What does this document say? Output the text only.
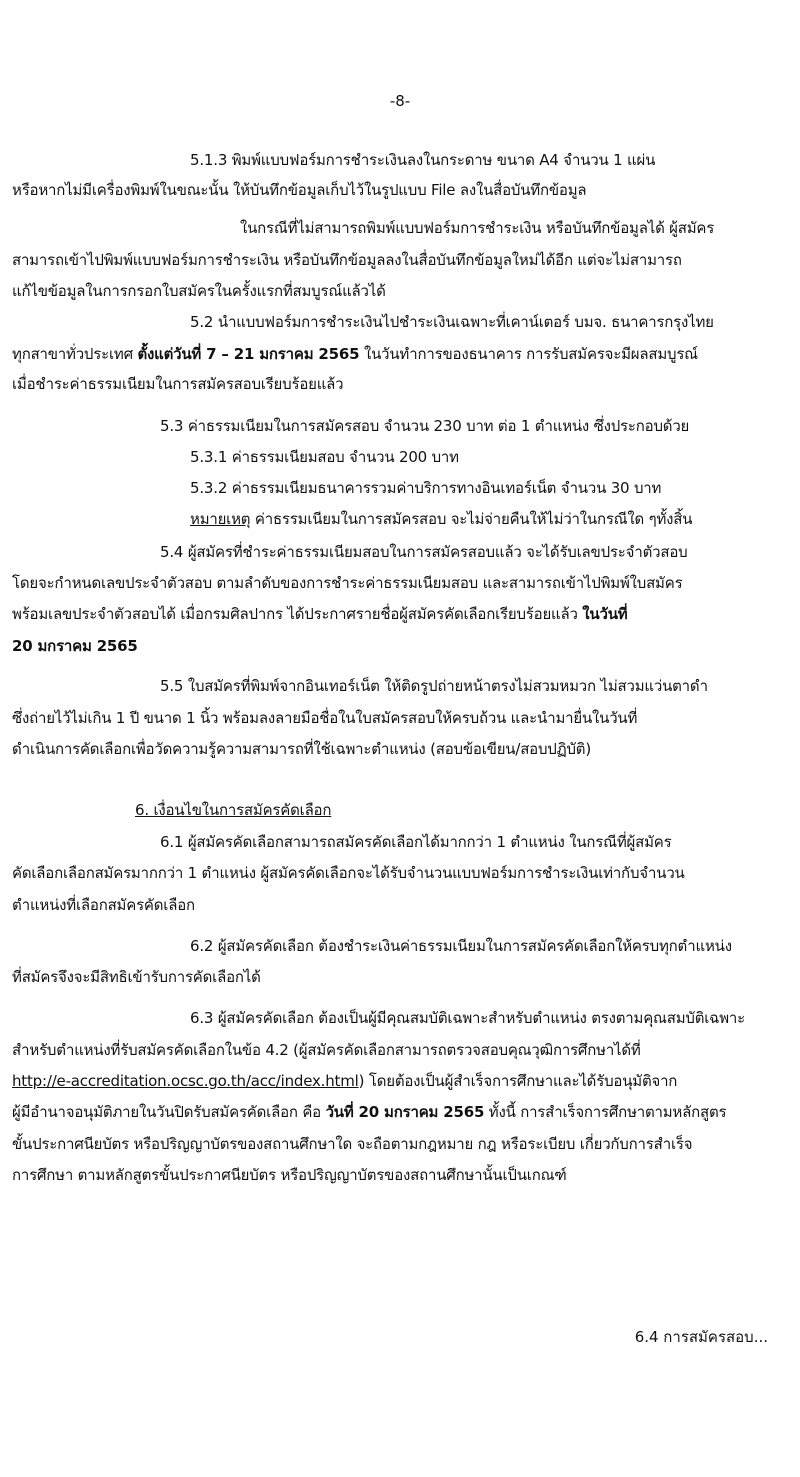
-8-
5.1.3 พิมพ์แบบฟอร์มการชำระเงินลงในกระดาษ ขนาด A4 จำนวน 1 แผ่น
หรือหากไม่มีเครื่องพิมพ์ในขณะนั้น ให้บันทึกข้อมูลเก็บไว้ในรูปแบบ File ลงในสื่อบันทึกข้อมูล
ในกรณีที่ไม่สามารถพิมพ์แบบฟอร์มการชำระเงิน หรือบันทึกข้อมูลได้ ผู้สมัคร
สามารถเข้าไปพิมพ์แบบฟอร์มการชำระเงิน หรือบันทึกข้อมูลลงในสื่อบันทึกข้อมูลใหม่ได้อีก แต่จะไม่สามารถ
แก้ไขข้อมูลในการกรอกใบสมัครในครั้งแรกที่สมบูรณ์แล้วได้
5.2 นำแบบฟอร์มการชำระเงินไปชำระเงินเฉพาะที่เคาน์เตอร์ บมจ. ธนาคารกรุงไทย
ทุกสาขาทั่วประเทศ ตั้งแต่วันที่ 7 – 21 มกราคม 2565 ในวันทำการของธนาคาร การรับสมัครจะมีผลสมบูรณ์
เมื่อชำระค่าธรรมเนียมในการสมัครสอบเรียบร้อยแล้ว
5.3 ค่าธรรมเนียมในการสมัครสอบ จำนวน 230 บาท ต่อ 1 ตำแหน่ง ซึ่งประกอบด้วย
5.3.1 ค่าธรรมเนียมสอบ จำนวน 200 บาท
5.3.2 ค่าธรรมเนียมธนาคารรวมค่าบริการทางอินเทอร์เน็ต จำนวน 30 บาท
หมายเหตุ ค่าธรรมเนียมในการสมัครสอบ จะไม่จ่ายคืนให้ไม่ว่าในกรณีใด ๆทั้งสิ้น
5.4 ผู้สมัครที่ชำระค่าธรรมเนียมสอบในการสมัครสอบแล้ว จะได้รับเลขประจำตัวสอบ
โดยจะกำหนดเลขประจำตัวสอบ ตามลำดับของการชำระค่าธรรมเนียมสอบ และสามารถเข้าไปพิมพ์ใบสมัคร
พร้อมเลขประจำตัวสอบได้ เมื่อกรมศิลปากร ได้ประกาศรายชื่อผู้สมัครคัดเลือกเรียบร้อยแล้ว ในวันที่
20 มกราคม 2565
5.5 ใบสมัครที่พิมพ์จากอินเทอร์เน็ต ให้ติดรูปถ่ายหน้าตรงไม่สวมหมวก ไม่สวมแว่นตาดำ
ซึ่งถ่ายไว้ไม่เกิน 1 ปี ขนาด 1 นิ้ว พร้อมลงลายมือชื่อในใบสมัครสอบให้ครบถ้วน และนำมายื่นในวันที่
ดำเนินการคัดเลือกเพื่อวัดความรู้ความสามารถที่ใช้เฉพาะตำแหน่ง (สอบข้อเขียน/สอบปฏิบัติ)
6. เงื่อนไขในการสมัครคัดเลือก
6.1 ผู้สมัครคัดเลือกสามารถสมัครคัดเลือกได้มากกว่า 1 ตำแหน่ง ในกรณีที่ผู้สมัคร
คัดเลือกเลือกสมัครมากกว่า 1 ตำแหน่ง ผู้สมัครคัดเลือกจะได้รับจำนวนแบบฟอร์มการชำระเงินเท่ากับจำนวน
ตำแหน่งที่เลือกสมัครคัดเลือก
6.2 ผู้สมัครคัดเลือก ต้องชำระเงินค่าธรรมเนียมในการสมัครคัดเลือกให้ครบทุกตำแหน่ง
ที่สมัครจึงจะมีสิทธิเข้ารับการคัดเลือกได้
6.3 ผู้สมัครคัดเลือก ต้องเป็นผู้มีคุณสมบัติเฉพาะสำหรับตำแหน่ง ตรงตามคุณสมบัติเฉพาะ
สำหรับตำแหน่งที่รับสมัครคัดเลือกในข้อ 4.2 (ผู้สมัครคัดเลือกสามารถตรวจสอบคุณวุฒิการศึกษาได้ที่
http://e-accreditation.ocsc.go.th/acc/index.html) โดยต้องเป็นผู้สำเร็จการศึกษาและได้รับอนุมัติจาก
ผู้มีอำนาจอนุมัติภายในวันปิดรับสมัครคัดเลือก คือ วันที่ 20 มกราคม 2565 ทั้งนี้ การสำเร็จการศึกษาตามหลักสูตร
ขั้นประกาศนียบัตร หรือปริญญาบัตรของสถานศึกษาใด จะถือตามกฎหมาย กฎ หรือระเบียบ เกี่ยวกับการสำเร็จ
การศึกษา ตามหลักสูตรขั้นประกาศนียบัตร หรือปริญญาบัตรของสถานศึกษานั้นเป็นเกณฑ์
6.4 การสมัครสอบ...
